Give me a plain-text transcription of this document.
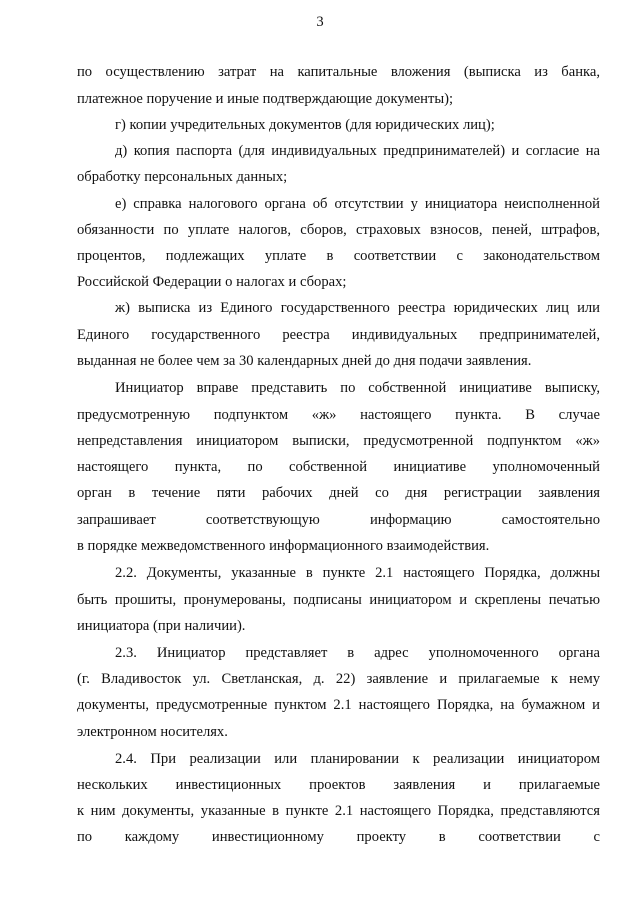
3
по осуществлению затрат на капитальные вложения (выписка из банка,
платежное поручение и иные подтверждающие документы);
г) копии учредительных документов (для юридических лиц);
д) копия паспорта (для индивидуальных предпринимателей) и согласие на
обработку персональных данных;
е) справка налогового органа об отсутствии у инициатора неисполненной
обязанности по уплате налогов, сборов, страховых взносов, пеней, штрафов,
процентов, подлежащих уплате в соответствии с законодательством
Российской Федерации о налогах и сборах;
ж) выписка из Единого государственного реестра юридических лиц или
Единого государственного реестра индивидуальных предпринимателей,
выданная не более чем за 30 календарных дней до дня подачи заявления.
Инициатор вправе представить по собственной инициативе выписку,
предусмотренную подпунктом «ж» настоящего пункта. В случае
непредставления инициатором выписки, предусмотренной подпунктом «ж»
настоящего пункта, по собственной инициативе уполномоченный
орган в течение пяти рабочих дней со дня регистрации заявления
запрашивает соответствующую информацию самостоятельно
в порядке межведомственного информационного взаимодействия.
2.2. Документы, указанные в пункте 2.1 настоящего Порядка, должны
быть прошиты, пронумерованы, подписаны инициатором и скреплены печатью
инициатора (при наличии).
2.3. Инициатор представляет в адрес уполномоченного органа
(г. Владивосток ул. Светланская, д. 22) заявление и прилагаемые к нему
документы, предусмотренные пунктом 2.1 настоящего Порядка, на бумажном и
электронном носителях.
2.4. При реализации или планировании к реализации инициатором
нескольких инвестиционных проектов заявления и прилагаемые
к ним документы, указанные в пункте 2.1 настоящего Порядка, представляются
по каждому инвестиционному проекту в соответствии с
